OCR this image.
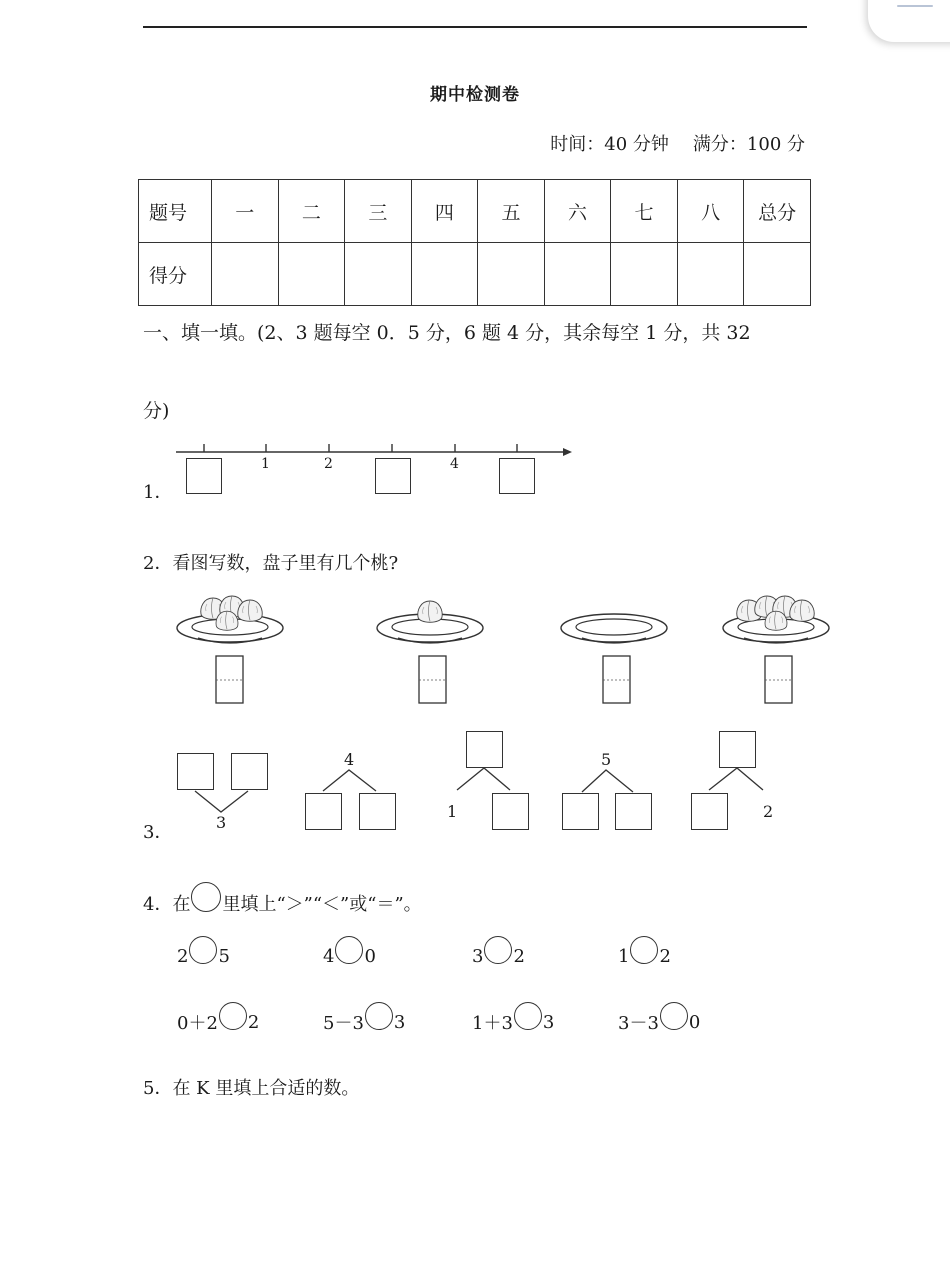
期中检测卷
时间：40 分钟 满分：100 分
题号	一	二	三	四	五	六	七	八	总分
得分									
一、填一填。(2、3 题每空 0．5 分，6 题 4 分，其余每空 1 分，共 32
分)
1．
1	2	4
2．看图写数，盘子里有几个桃?
3．	3
4
1
5
2
4．在 里填上“＞”“＜”或“＝”。
2 5	4 0	3 2	1 2
0＋2 2	5－3 3	1＋3 3	3－3 0
5．在 K 里填上合适的数。
